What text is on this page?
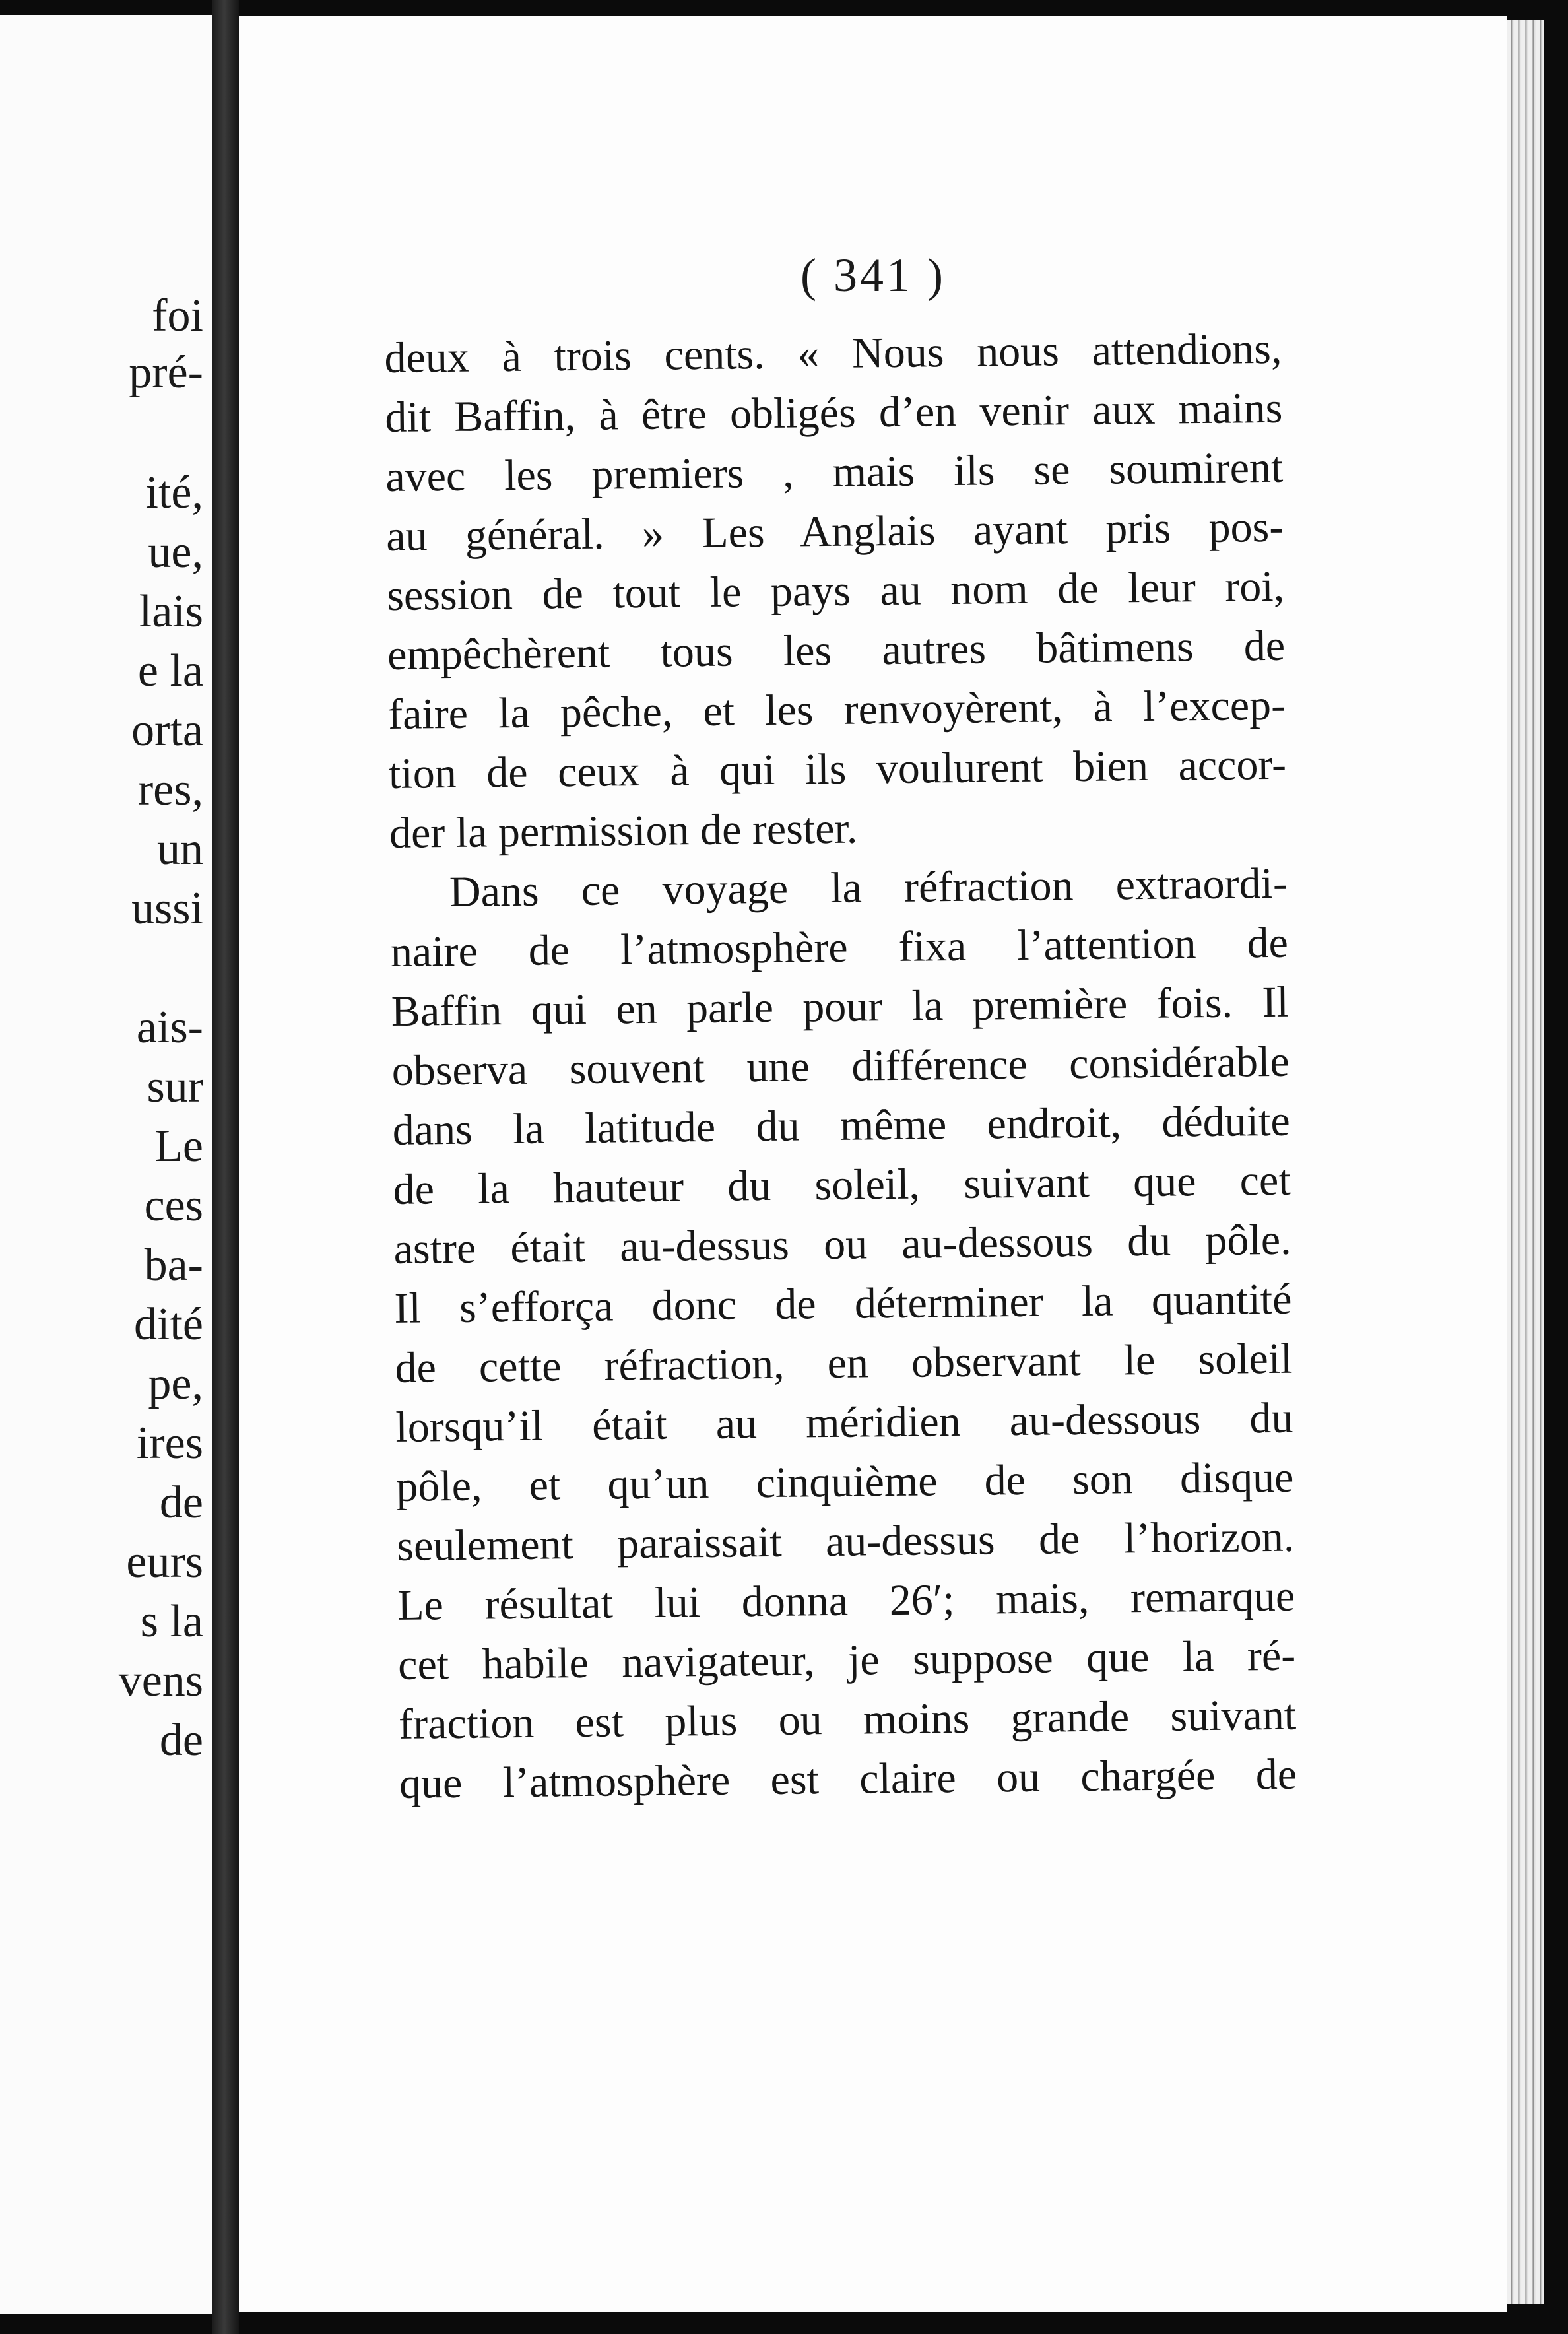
foi
pré-
ité,
ue,
lais
e la
orta
res,
un
ussi
ais-
sur
Le
ces
ba-
dité
pe,
ires
de
eurs
s la
vens
de
( 341 )
deux à trois cents. « Nous nous attendions,
dit Baffin, à être obligés d’en venir aux mains
avec les premiers , mais ils se soumirent
au général. » Les Anglais ayant pris pos-
session de tout le pays au nom de leur roi,
empêchèrent tous les autres bâtimens de
faire la pêche, et les renvoyèrent, à l’excep-
tion de ceux à qui ils voulurent bien accor-
der la permission de rester.
Dans ce voyage la réfraction extraordi-
naire de l’atmosphère fixa l’attention de
Baffin qui en parle pour la première fois. Il
observa souvent une différence considérable
dans la latitude du même endroit, déduite
de la hauteur du soleil, suivant que cet
astre était au-dessus ou au-dessous du pôle.
Il s’efforça donc de déterminer la quantité
de cette réfraction, en observant le soleil
lorsqu’il était au méridien au-dessous du
pôle, et qu’un cinquième de son disque
seulement paraissait au-dessus de l’horizon.
Le résultat lui donna 26′; mais, remarque
cet habile navigateur, je suppose que la ré-
fraction est plus ou moins grande suivant
que l’atmosphère est claire ou chargée de
